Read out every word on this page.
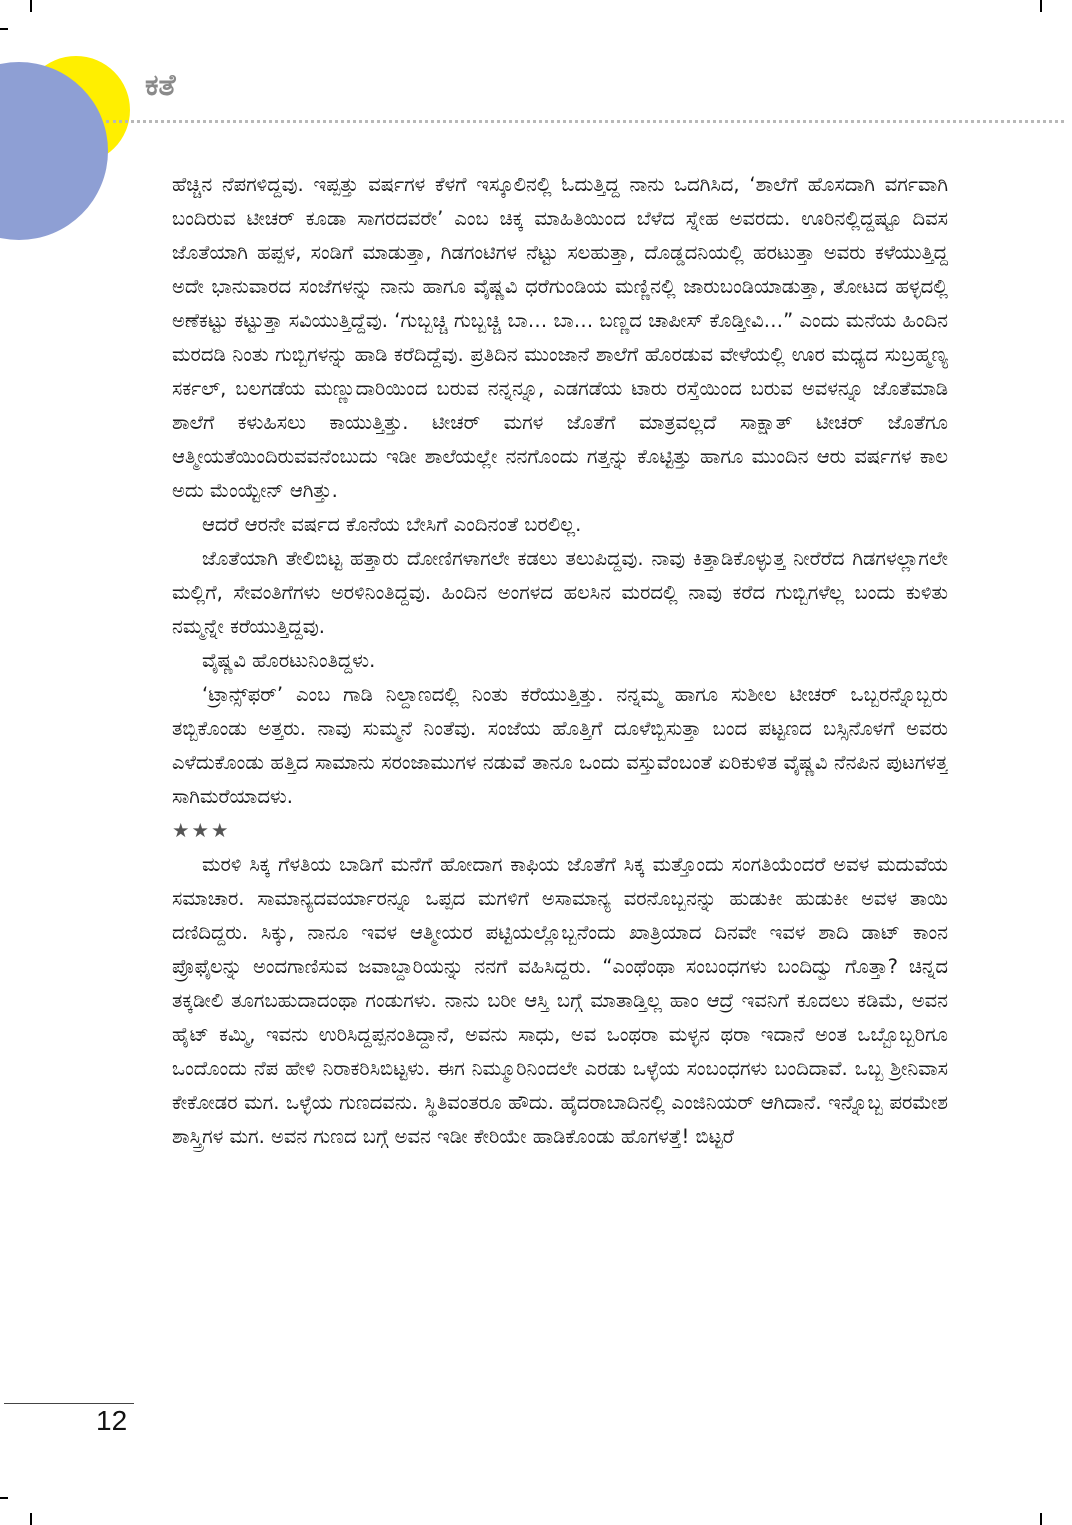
ಕತೆ

ಹೆಚ್ಚಿನ ನೆಪಗಳಿದ್ದವು. ಇಪ್ಪತ್ತು ವರ್ಷಗಳ ಕೆಳಗೆ ಇಸ್ಕೂಲಿನಲ್ಲಿ ಓದುತ್ತಿದ್ದ ನಾನು ಒದಗಿಸಿದ, ‘ಶಾಲೆಗೆ ಹೊಸದಾಗಿ ವರ್ಗವಾಗಿ ಬಂದಿರುವ ಟೀಚರ್ ಕೂಡಾ ಸಾಗರದವರೇ’ ಎಂಬ ಚಿಕ್ಕ ಮಾಹಿತಿಯಿಂದ ಬೆಳೆದ ಸ್ನೇಹ ಅವರದು. ಊರಿನಲ್ಲಿದ್ದಷ್ಟೂ ದಿವಸ ಜೊತೆಯಾಗಿ ಹಪ್ಪಳ, ಸಂಡಿಗೆ ಮಾಡುತ್ತಾ, ಗಿಡಗಂಟಿಗಳ ನೆಟ್ಟು ಸಲಹುತ್ತಾ, ದೊಡ್ಡದನಿಯಲ್ಲಿ ಹರಟುತ್ತಾ ಅವರು ಕಳೆಯುತ್ತಿದ್ದ ಅದೇ ಭಾನುವಾರದ ಸಂಜೆಗಳನ್ನು ನಾನು ಹಾಗೂ ವೈಷ್ಣವಿ ಧರೆಗುಂಡಿಯ ಮಣ್ಣಿನಲ್ಲಿ ಜಾರುಬಂಡಿಯಾಡುತ್ತಾ, ತೋಟದ ಹಳ್ಳದಲ್ಲಿ ಅಣೆಕಟ್ಟು ಕಟ್ಟುತ್ತಾ ಸವಿಯುತ್ತಿದ್ದೆವು. ‘ಗುಬ್ಬಚ್ಚಿ ಗುಬ್ಬಚ್ಚಿ ಬಾ… ಬಾ… ಬಣ್ಣದ ಚಾಪೀಸ್ ಕೊಡ್ತೀವಿ…” ಎಂದು ಮನೆಯ ಹಿಂದಿನ ಮರದಡಿ ನಿಂತು ಗುಬ್ಬಿಗಳನ್ನು ಹಾಡಿ ಕರೆದಿದ್ದೆವು. ಪ್ರತಿದಿನ ಮುಂಜಾನೆ ಶಾಲೆಗೆ ಹೊರಡುವ ವೇಳೆಯಲ್ಲಿ ಊರ ಮಧ್ಯದ ಸುಬ್ರಹ್ಮಣ್ಯ ಸರ್ಕಲ್, ಬಲಗಡೆಯ ಮಣ್ಣುದಾರಿಯಿಂದ ಬರುವ ನನ್ನನ್ನೂ, ಎಡಗಡೆಯ ಟಾರು ರಸ್ತೆಯಿಂದ ಬರುವ ಅವಳನ್ನೂ ಜೊತೆಮಾಡಿ ಶಾಲೆಗೆ ಕಳುಹಿಸಲು ಕಾಯುತ್ತಿತ್ತು. ಟೀಚರ್ ಮಗಳ ಜೊತೆಗೆ ಮಾತ್ರವಲ್ಲದೆ ಸಾಕ್ಷಾತ್ ಟೀಚರ್ ಜೊತೆಗೂ ಆತ್ಮೀಯತೆಯಿಂದಿರುವವನೆಂಬುದು ಇಡೀ ಶಾಲೆಯಲ್ಲೇ ನನಗೊಂದು ಗತ್ತನ್ನು ಕೊಟ್ಟಿತ್ತು ಹಾಗೂ ಮುಂದಿನ ಆರು ವರ್ಷಗಳ ಕಾಲ ಅದು ಮೆಂಯ್ಟೇನ್ ಆಗಿತ್ತು.

ಆದರೆ ಆರನೇ ವರ್ಷದ ಕೊನೆಯ ಬೇಸಿಗೆ ಎಂದಿನಂತೆ ಬರಲಿಲ್ಲ.

ಜೊತೆಯಾಗಿ ತೇಲಿಬಿಟ್ಟ ಹತ್ತಾರು ದೋಣಿಗಳಾಗಲೇ ಕಡಲು ತಲುಪಿದ್ದವು. ನಾವು ಕಿತ್ತಾಡಿಕೊಳ್ಳುತ್ತ ನೀರೆರೆದ ಗಿಡಗಳಲ್ಲಾಗಲೇ ಮಲ್ಲಿಗೆ, ಸೇವಂತಿಗೆಗಳು ಅರಳಿನಿಂತಿದ್ದವು. ಹಿಂದಿನ ಅಂಗಳದ ಹಲಸಿನ ಮರದಲ್ಲಿ ನಾವು ಕರೆದ ಗುಬ್ಬಿಗಳೆಲ್ಲ ಬಂದು ಕುಳಿತು ನಮ್ಮನ್ನೇ ಕರೆಯುತ್ತಿದ್ದವು.

ವೈಷ್ಣವಿ ಹೊರಟುನಿಂತಿದ್ದಳು.

‘ಟ್ರಾನ್ಸ್‌ಫರ್’ ಎಂಬ ಗಾಡಿ ನಿಲ್ದಾಣದಲ್ಲಿ ನಿಂತು ಕರೆಯುತ್ತಿತ್ತು. ನನ್ನಮ್ಮ ಹಾಗೂ ಸುಶೀಲ ಟೀಚರ್ ಒಬ್ಬರನ್ನೊಬ್ಬರು ತಬ್ಬಿಕೊಂಡು ಅತ್ತರು. ನಾವು ಸುಮ್ಮನೆ ನಿಂತೆವು. ಸಂಜೆಯ ಹೊತ್ತಿಗೆ ದೂಳೆಬ್ಬಿಸುತ್ತಾ ಬಂದ ಪಟ್ಟಣದ ಬಸ್ಸಿನೊಳಗೆ ಅವರು ಎಳೆದುಕೊಂಡು ಹತ್ತಿದ ಸಾಮಾನು ಸರಂಜಾಮುಗಳ ನಡುವೆ ತಾನೂ ಒಂದು ವಸ್ತುವೆಂಬಂತೆ ಏರಿಕುಳಿತ ವೈಷ್ಣವಿ ನೆನಪಿನ ಪುಟಗಳತ್ತ ಸಾಗಿಮರೆಯಾದಳು.

★★★

ಮರಳಿ ಸಿಕ್ಕ ಗೆಳತಿಯ ಬಾಡಿಗೆ ಮನೆಗೆ ಹೋದಾಗ ಕಾಫಿಯ ಜೊತೆಗೆ ಸಿಕ್ಕ ಮತ್ತೊಂದು ಸಂಗತಿಯೆಂದರೆ ಅವಳ ಮದುವೆಯ ಸಮಾಚಾರ. ಸಾಮಾನ್ಯದವರ್ಯಾರನ್ನೂ ಒಪ್ಪದ ಮಗಳಿಗೆ ಅಸಾಮಾನ್ಯ ವರನೊಬ್ಬನನ್ನು ಹುಡುಕೀ ಹುಡುಕೀ ಅವಳ ತಾಯಿ ದಣಿದಿದ್ದರು. ಸಿಕ್ಕು, ನಾನೂ ಇವಳ ಆತ್ಮೀಯರ ಪಟ್ಟಿಯಲ್ಲೊಬ್ಬನೆಂದು ಖಾತ್ರಿಯಾದ ದಿನವೇ ಇವಳ ಶಾದಿ ಡಾಟ್ ಕಾಂನ ಪ್ರೊಫೈಲನ್ನು ಅಂದಗಾಣಿಸುವ ಜವಾಬ್ದಾರಿಯನ್ನು ನನಗೆ ವಹಿಸಿದ್ದರು. “ಎಂಥೆಂಥಾ ಸಂಬಂಧಗಳು ಬಂದಿದ್ವು ಗೊತ್ತಾ? ಚಿನ್ನದ ತಕ್ಕಡೀಲಿ ತೂಗಬಹುದಾದಂಥಾ ಗಂಡುಗಳು. ನಾನು ಬರೀ ಆಸ್ತಿ ಬಗ್ಗೆ ಮಾತಾಡ್ತಿಲ್ಲ ಹಾಂ ಆದ್ರೆ ಇವನಿಗೆ ಕೂದಲು ಕಡಿಮೆ, ಅವನ ಹೈಟ್ ಕಮ್ಮಿ, ಇವನು ಉರಿಸಿದ್ದಪ್ಪನಂತಿದ್ದಾನೆ, ಅವನು ಸಾಧು, ಅವ ಒಂಥರಾ ಮಳ್ಳನ ಥರಾ ಇದಾನೆ ಅಂತ ಒಬ್ಬೊಬ್ಬರಿಗೂ ಒಂದೊಂದು ನೆಪ ಹೇಳಿ ನಿರಾಕರಿಸಿಬಿಟ್ಟಳು. ಈಗ ನಿಮ್ಮೂರಿನಿಂದಲೇ ಎರಡು ಒಳ್ಳೆಯ ಸಂಬಂಧಗಳು ಬಂದಿದಾವೆ. ಒಬ್ಬ ಶ್ರೀನಿವಾಸ ಕೇಕೋಡರ ಮಗ. ಒಳ್ಳೆಯ ಗುಣದವನು. ಸ್ಥಿತಿವಂತರೂ ಹೌದು. ಹೈದರಾಬಾದಿನಲ್ಲಿ ಎಂಜಿನಿಯರ್ ಆಗಿದಾನೆ. ಇನ್ನೊಬ್ಬ ಪರಮೇಶ ಶಾಸ್ತ್ರಿಗಳ ಮಗ. ಅವನ ಗುಣದ ಬಗ್ಗೆ ಅವನ ಇಡೀ ಕೇರಿಯೇ ಹಾಡಿಕೊಂಡು ಹೊಗಳತ್ತೆ! ಬಿಟ್ಟರೆ

12
